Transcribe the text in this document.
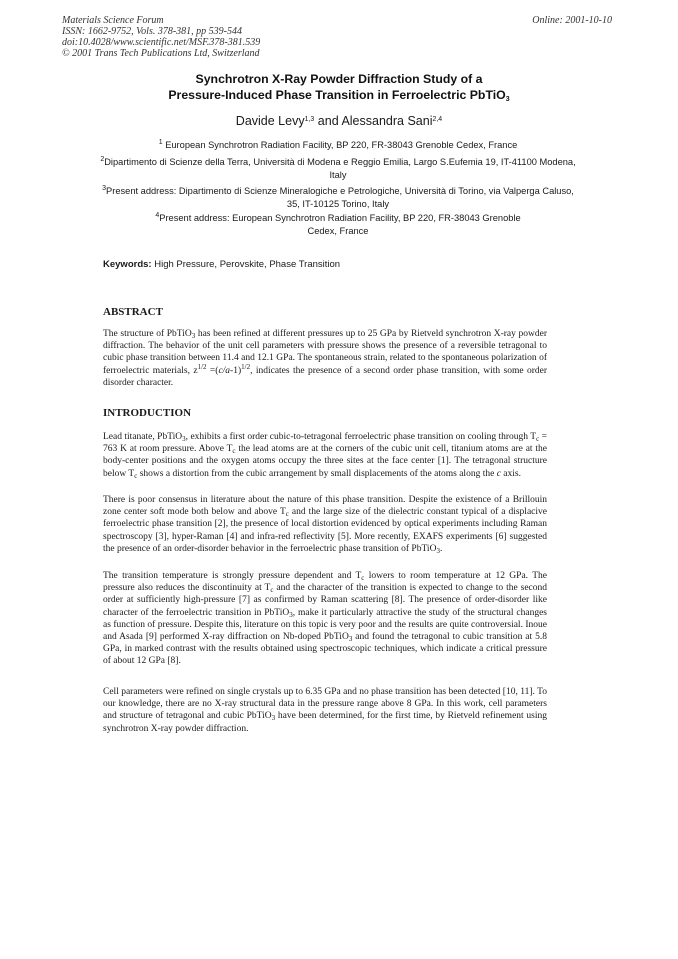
Materials Science Forum
ISSN: 1662-9752, Vols. 378-381, pp 539-544
doi:10.4028/www.scientific.net/MSF.378-381.539
© 2001 Trans Tech Publications Ltd, Switzerland
Online: 2001-10-10
Synchrotron X-Ray Powder Diffraction Study of a
Pressure-Induced Phase Transition in Ferroelectric PbTiO$_3$
Davide Levy$^{1,3}$ and Alessandra Sani$^{2,4}$
$^1$ European Synchrotron Radiation Facility, BP 220, FR-38043 Grenoble Cedex, France
$^2$Dipartimento di Scienze della Terra, Università di Modena e Reggio Emilia, Largo S.Eufemia 19, IT-41100 Modena, Italy
$^3$Present address: Dipartimento di Scienze Mineralogiche e Petrologiche, Università di Torino, via Valperga Caluso, 35, IT-10125 Torino, Italy
$^4$Present address: European Synchrotron Radiation Facility, BP 220, FR-38043 Grenoble Cedex, France
Keywords: High Pressure, Perovskite, Phase Transition
ABSTRACT
The structure of PbTiO$_3$ has been refined at different pressures up to 25 GPa by Rietveld synchrotron X-ray powder diffraction. The behavior of the unit cell parameters with pressure shows the presence of a reversible tetragonal to cubic phase transition between 11.4 and 12.1 GPa. The spontaneous strain, related to the spontaneous polarization of ferroelectric materials, $z^{1/2} =(c/a-1)^{1/2}$, indicates the presence of a second order phase transition, with some order disorder character.
INTRODUCTION
Lead titanate, PbTiO$_3$, exhibits a first order cubic-to-tetragonal ferroelectric phase transition on cooling through $T_c = 763$ K at room pressure. Above $T_c$ the lead atoms are at the corners of the cubic unit cell, titanium atoms are at the body-center positions and the oxygen atoms occupy the three sites at the face center [1]. The tetragonal structure below $T_c$ shows a distortion from the cubic arrangement by small displacements of the atoms along the c axis.
There is poor consensus in literature about the nature of this phase transition. Despite the existence of a Brillouin zone center soft mode both below and above $T_c$ and the large size of the dielectric constant typical of a displacive ferroelectric phase transition [2], the presence of local distortion evidenced by optical experiments including Raman spectroscopy [3], hyper-Raman [4] and infra-red reflectivity [5]. More recently, EXAFS experiments [6] suggested the presence of an order-disorder behavior in the ferroelectric phase transition of PbTiO$_3$.
The transition temperature is strongly pressure dependent and $T_c$ lowers to room temperature at 12 GPa. The pressure also reduces the discontinuity at $T_c$ and the character of the transition is expected to change to the second order at sufficiently high-pressure [7] as confirmed by Raman scattering [8]. The presence of order-disorder like character of the ferroelectric transition in PbTiO$_3$, make it particularly attractive the study of the structural changes as function of pressure. Despite this, literature on this topic is very poor and the results are quite controversial. Inoue and Asada [9] performed X-ray diffraction on Nb-doped PbTiO$_3$ and found the tetragonal to cubic transition at 5.8 GPa, in marked contrast with the results obtained using spectroscopic techniques, which indicate a critical pressure of about 12 GPa [8].
Cell parameters were refined on single crystals up to 6.35 GPa and no phase transition has been detected [10, 11]. To our knowledge, there are no X-ray structural data in the pressure range above 8 GPa. In this work, cell parameters and structure of tetragonal and cubic PbTiO$_3$ have been determined, for the first time, by Rietveld refinement using synchrotron X-ray powder diffraction.
